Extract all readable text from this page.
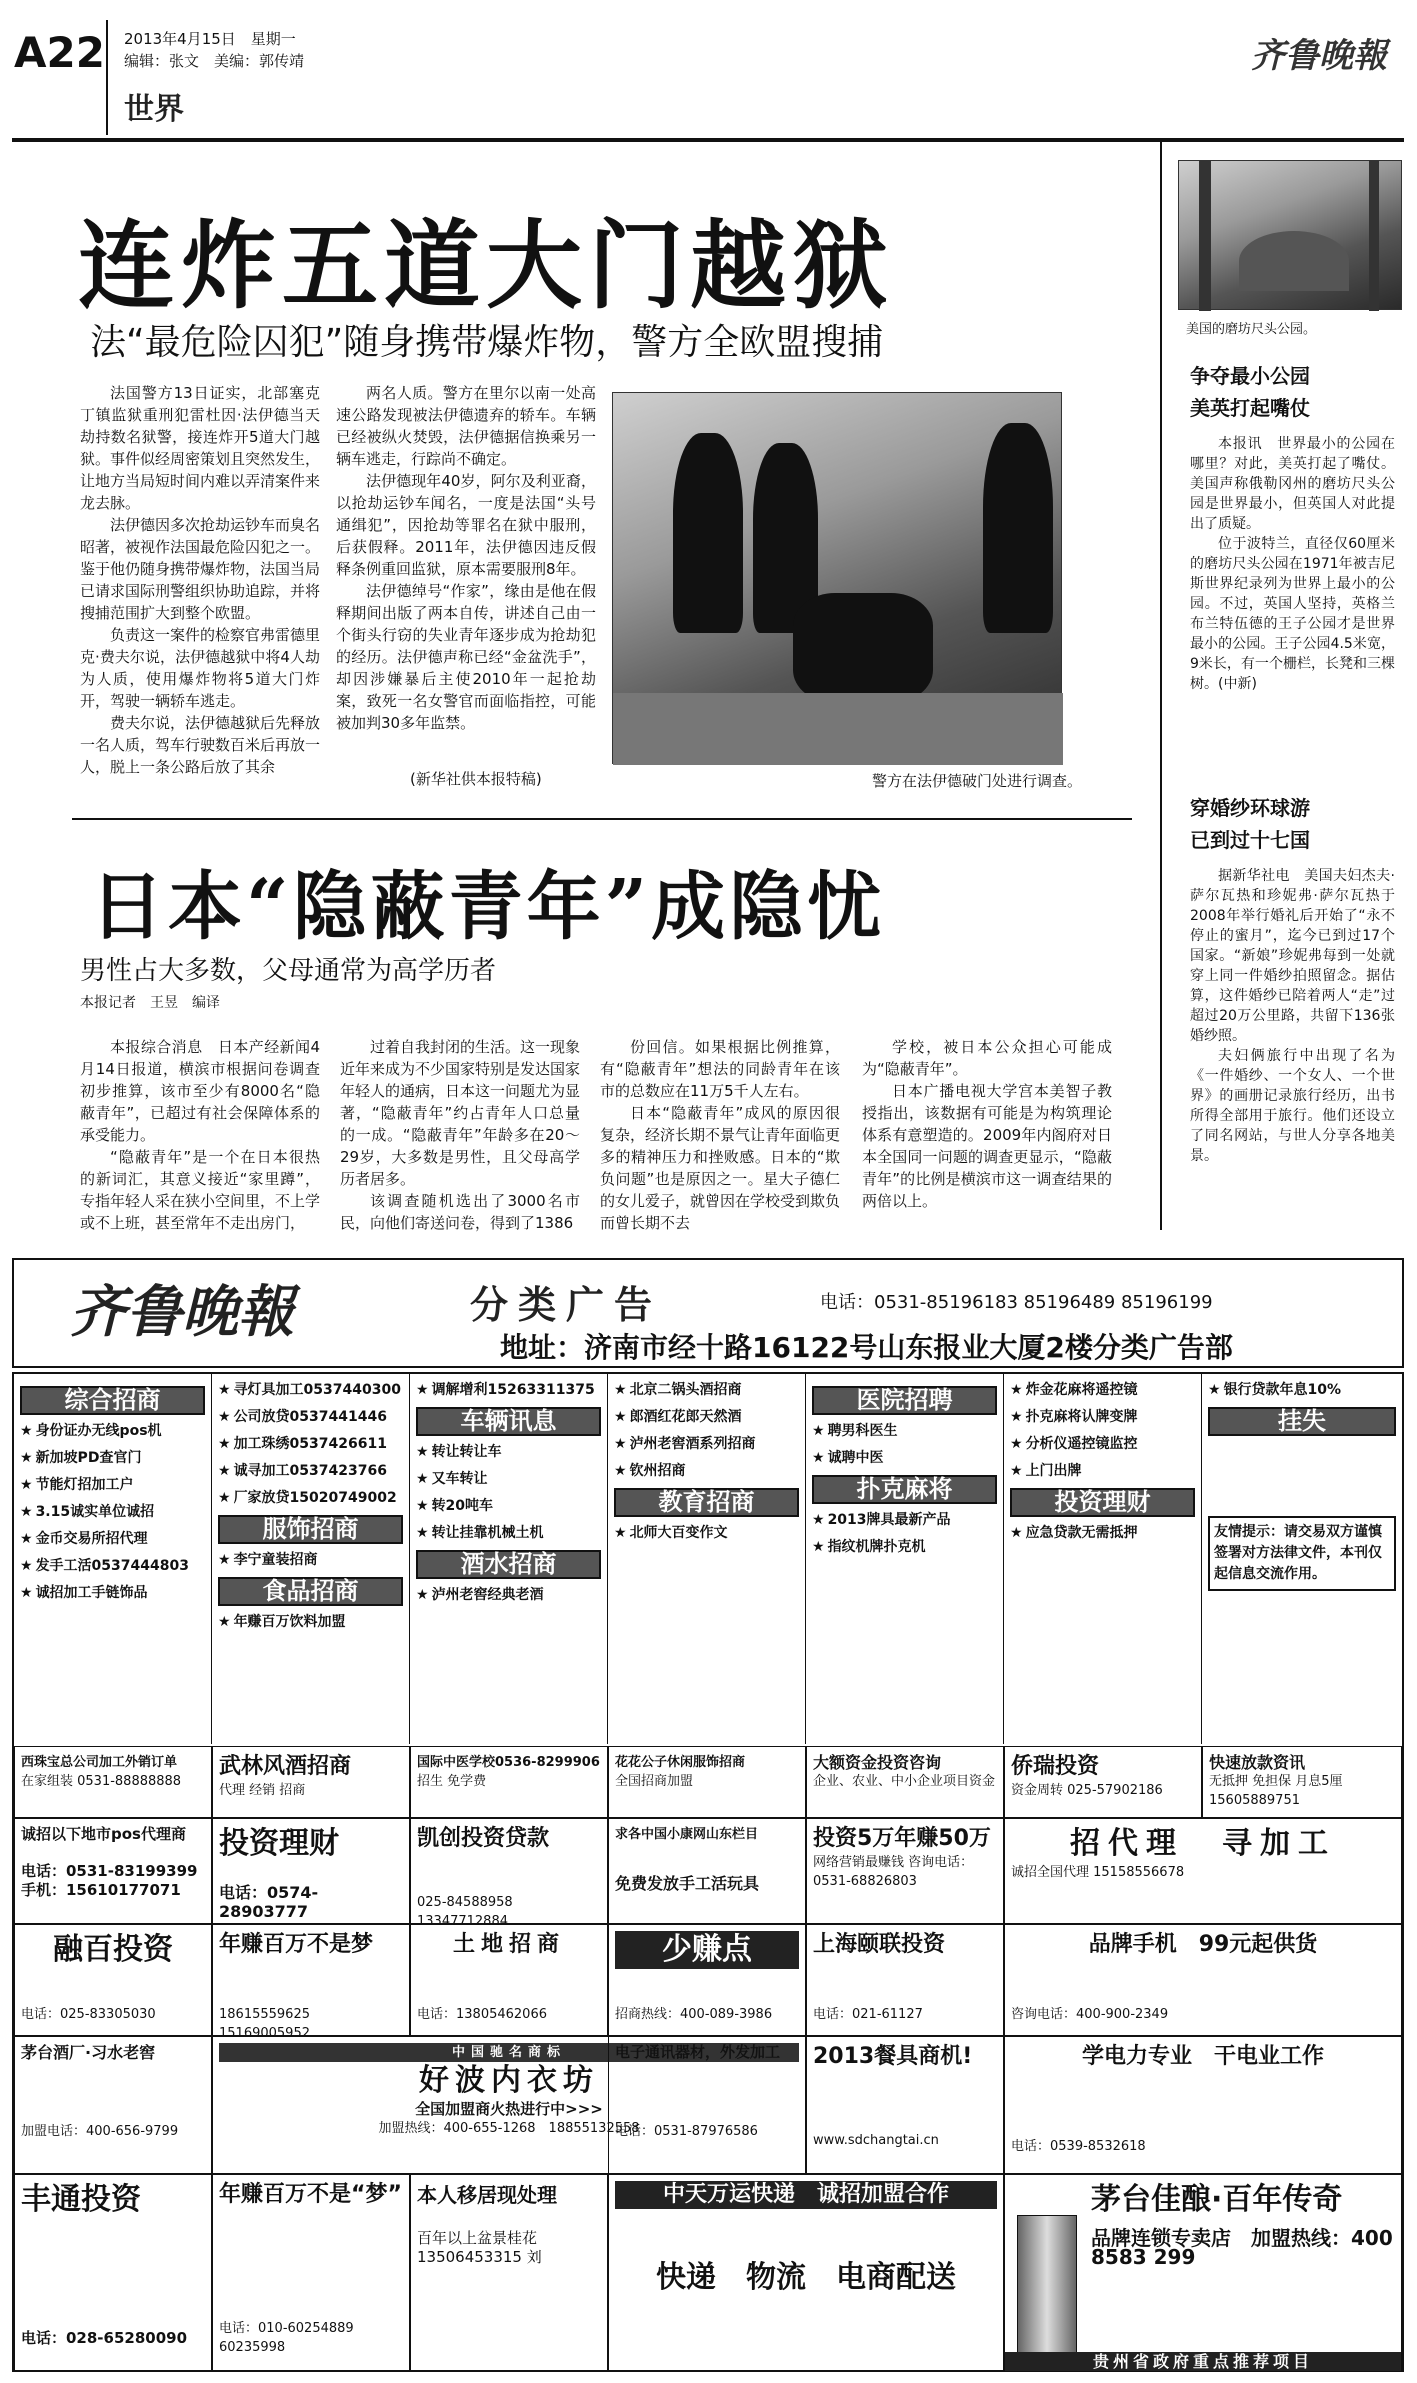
A22 2013年4月15日　星期一
编辑：张文　美编：郭传靖
世界
齐鲁晚報
连炸五道大门越狱
法“最危险囚犯”随身携带爆炸物，警方全欧盟搜捕

法国警方13日证实，北部塞克丁镇监狱重刑犯雷杜因·法伊德当天劫持数名狱警，接连炸开5道大门越狱。事件似经周密策划且突然发生，让地方当局短时间内难以弄清案件来龙去脉。

法伊德因多次抢劫运钞车而臭名昭著，被视作法国最危险囚犯之一。鉴于他仍随身携带爆炸物，法国当局已请求国际刑警组织协助追踪，并将搜捕范围扩大到整个欧盟。

负责这一案件的检察官弗雷德里克·费夫尔说，法伊德越狱中将4人劫为人质，使用爆炸物将5道大门炸开，驾驶一辆轿车逃走。

费夫尔说，法伊德越狱后先释放一名人质，驾车行驶数百米后再放一人，脱上一条公路后放了其余

两名人质。警方在里尔以南一处高速公路发现被法伊德遗弃的轿车。车辆已经被纵火焚毁，法伊德据信换乘另一辆车逃走，行踪尚不确定。

法伊德现年40岁，阿尔及利亚裔，以抢劫运钞车闻名，一度是法国“头号通缉犯”，因抢劫等罪名在狱中服刑，后获假释。2011年，法伊德因违反假释条例重回监狱，原本需要服刑8年。

法伊德绰号“作家”，缘由是他在假释期间出版了两本自传，讲述自己由一个街头行窃的失业青年逐步成为抢劫犯的经历。法伊德声称已经“金盆洗手”，却因涉嫌暴后主使2010年一起抢劫案，致死一名女警官而面临指控，可能被加判30多年监禁。

(新华社供本报特稿)	警方在法伊德破门处进行调查。
日本“隐蔽青年”成隐忧
男性占大多数，父母通常为高学历者
本报记者　王昱　编译

本报综合消息　日本产经新闻4月14日报道，横滨市根据问卷调查初步推算，该市至少有8000名“隐蔽青年”，已超过有社会保障体系的承受能力。

“隐蔽青年”是一个在日本很热的新词汇，其意义接近“家里蹲”，专指年轻人采在狭小空间里，不上学或不上班，甚至常年不走出房门，

过着自我封闭的生活。这一现象近年来成为不少国家特别是发达国家年轻人的通病，日本这一问题尤为显著，“隐蔽青年”约占青年人口总量的一成。“隐蔽青年”年龄多在20～29岁，大多数是男性，且父母高学历者居多。

该调查随机选出了3000名市民，向他们寄送问卷，得到了1386

份回信。如果根据比例推算，有“隐蔽青年”想法的同龄青年在该市的总数应在11万5千人左右。

日本“隐蔽青年”成风的原因很复杂，经济长期不景气让青年面临更多的精神压力和挫败感。日本的“欺负问题”也是原因之一。星大子德仁的女儿爱子，就曾因在学校受到欺负而曾长期不去

学校，被日本公众担心可能成为“隐蔽青年”。

日本广播电视大学宫本美智子教授指出，该数据有可能是为构筑理论体系有意塑造的。2009年内阁府对日本全国同一问题的调查更显示，“隐蔽青年”的比例是横滨市这一调查结果的两倍以上。

美国的磨坊尺头公园。
争夺最小公园
美英打起嘴仗

本报讯　世界最小的公园在哪里？对此，美英打起了嘴仗。美国声称俄勒冈州的磨坊尺头公园是世界最小，但英国人对此提出了质疑。

位于波特兰，直径仅60厘米的磨坊尺头公园在1971年被吉尼斯世界纪录列为世界上最小的公园。不过，英国人坚持，英格兰布兰特伍德的王子公园才是世界最小的公园。王子公园4.5米宽，9米长，有一个栅栏，长凳和三棵树。(中新)

穿婚纱环球游
已到过十七国

据新华社电　美国夫妇杰夫·萨尔瓦热和珍妮弗·萨尔瓦热于2008年举行婚礼后开始了“永不停止的蜜月”，迄今已到过17个国家。“新娘”珍妮弗每到一处就穿上同一件婚纱拍照留念。据估算，这件婚纱已陪着两人“走”过超过20万公里路，共留下136张婚纱照。

夫妇俩旅行中出现了名为《一件婚纱、一个女人、一个世界》的画册记录旅行经历，出书所得全部用于旅行。他们还设立了同名网站，与世人分享各地美景。

齐鲁晚報	分类广告	电话：0531-85196183 85196489 85196199
地址：济南市经十路16122号山东报业大厦2楼分类广告部
综合招商
★ 身份证办无线pos机
★ 新加坡PD查官门
★ 节能灯招加工户
★ 3.15诚实单位诚招
★ 金币交易所招代理
★ 发手工活0537444803
★ 诚招加工手链饰品
★ 寻灯具加工0537440300
★ 公司放贷0537441446
★ 加工珠绣0537426611
★ 诚寻加工0537423766
★ 厂家放贷15020749002
服饰招商
★ 李宁童装招商
食品招商
★ 年赚百万饮料加盟
★ 调解增利15263311375
车辆讯息
★ 转让转让车
★ 又车转让
★ 转20吨车
★ 转让挂靠机械土机
酒水招商
★ 泸州老窖经典老酒
★ 北京二锅头酒招商
★ 郎酒红花郎天然酒
★ 泸州老窖酒系列招商
★ 钦州招商
教育招商
★ 北师大百变作文
医院招聘
★ 聘男科医生
★ 诚聘中医
扑克麻将
★ 2013牌具最新产品
★ 指纹机牌扑克机
★ 炸金花麻将遥控镜
★ 扑克麻将认牌变牌
★ 分析仪遥控镜监控
★ 上门出牌
投资理财
★ 应急贷款无需抵押
★ 银行贷款年息10%
挂失
友情提示：请交易双方谨慎签署对方法律文件，本刊仅起信息交流作用。
西珠宝总公司加工外销订单
在家组装 0531-88888888
武林风酒招商
代理 经销 招商
国际中医学校0536-8299906
招生 免学费
花花公子休闲服饰招商
全国招商加盟
大额资金投资咨询
企业、农业、中小企业项目资金
侨瑞投资
资金周转 025-57902186
快速放款资讯
无抵押 免担保 月息5厘 15605889751
诚招以下地市pos代理商
电话：0531-83199399 手机：15610177071
投资理财
电话：0574-28903777
凯创投资贷款
025-84588958 13347712884
求各中国小康网山东栏目
免费发放手工活玩具
投资5万年赚50万
网络营销最赚钱 咨询电话：0531-68826803
招代理　寻加工
诚招全国代理 15158556678
融百投资
电话：025-83305030
年赚百万不是梦
18615559625 15169005952
土地招商
电话：13805462066
少赚点
招商热线：400-089-3986
上海颐联投资
电话：021-61127
品牌手机　99元起供货
咨询电话：400-900-2349
茅台酒厂·习水老窖
加盟电话：400-656-9799
中国驰名商标
好波内衣坊
全国加盟商火热进行中>>>
加盟热线：400-655-1268　18855132558
电子通讯器材，外发加工
电话：0531-87976586
2013餐具商机!
www.sdchangtai.cn
学电力专业　干电业工作
电话：0539-8532618
丰通投资
电话：028-65280090
年赚百万不是“梦”
电话：010-60254889 60235998
本人移居现处理
百年以上盆景桂花 13506453315 刘
中天万运快递　诚招加盟合作
快递　物流　电商配送
茅台佳酿·百年传奇
品牌连锁专卖店　加盟热线：400 8583 299
贵州省政府重点推荐项目
